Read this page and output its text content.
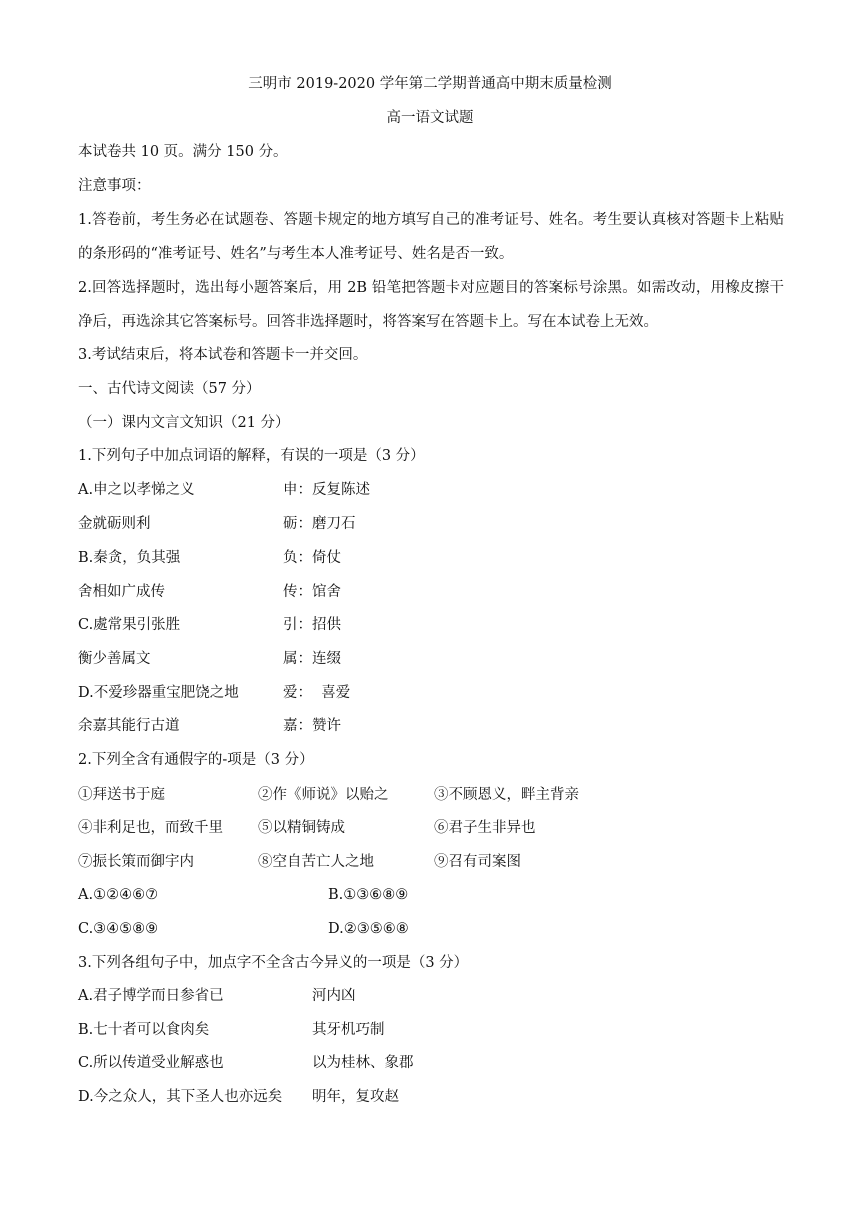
三明市 2019-2020 学年第二学期普通高中期末质量检测
高一语文试题
本试卷共 10 页。满分 150 分。
注意事项：
1.答卷前，考生务必在试题卷、答题卡规定的地方填写自己的准考证号、姓名。考生要认真核对答题卡上粘贴的条形码的“准考证号、姓名”与考生本人准考证号、姓名是否一致。
2.回答选择题时，选出每小题答案后，用 2B 铅笔把答题卡对应题目的答案标号涂黑。如需改动，用橡皮擦干净后，再选涂其它答案标号。回答非选择题时，将答案写在答题卡上。写在本试卷上无效。
3.考试结束后，将本试卷和答题卡一并交回。
一、古代诗文阅读（57 分）
（一）课内文言文知识（21 分）
1.下列句子中加点词语的解释，有误的一项是（3 分）
A.申之以孝悌之义	申：反复陈述
金就砺则利	砺：磨刀石
B.秦贪，负其强	负：倚仗
舍相如广成传	传：馆舍
C.處常果引张胜	引：招供
衡少善属文	属：连缀
D.不爱珍器重宝肥饶之地	爱：  喜爱
余嘉其能行古道	嘉：赞许
2.下列全含有通假字的-项是（3 分）
①拜送书于庭	②作《师说》以贻之	③不顾恩义，畔主背亲
④非利足也，而致千里 ⑤以精铜铸成	⑥君子生非异也
⑦振长策而御宇内	⑧空自苦亡人之地	⑨召有司案图
A.①②④⑥⑦	B.①③⑥⑧⑨
C.③④⑤⑧⑨	D.②③⑤⑥⑧
3.下列各组句子中，加点字不全含古今异义的一项是（3 分）
A.君子博学而日参省已	河内凶
B.七十者可以食肉矣	其牙机巧制
C.所以传道受业解惑也	以为桂林、象郡
D.今之众人，其下圣人也亦远矣 明年，复攻赵
